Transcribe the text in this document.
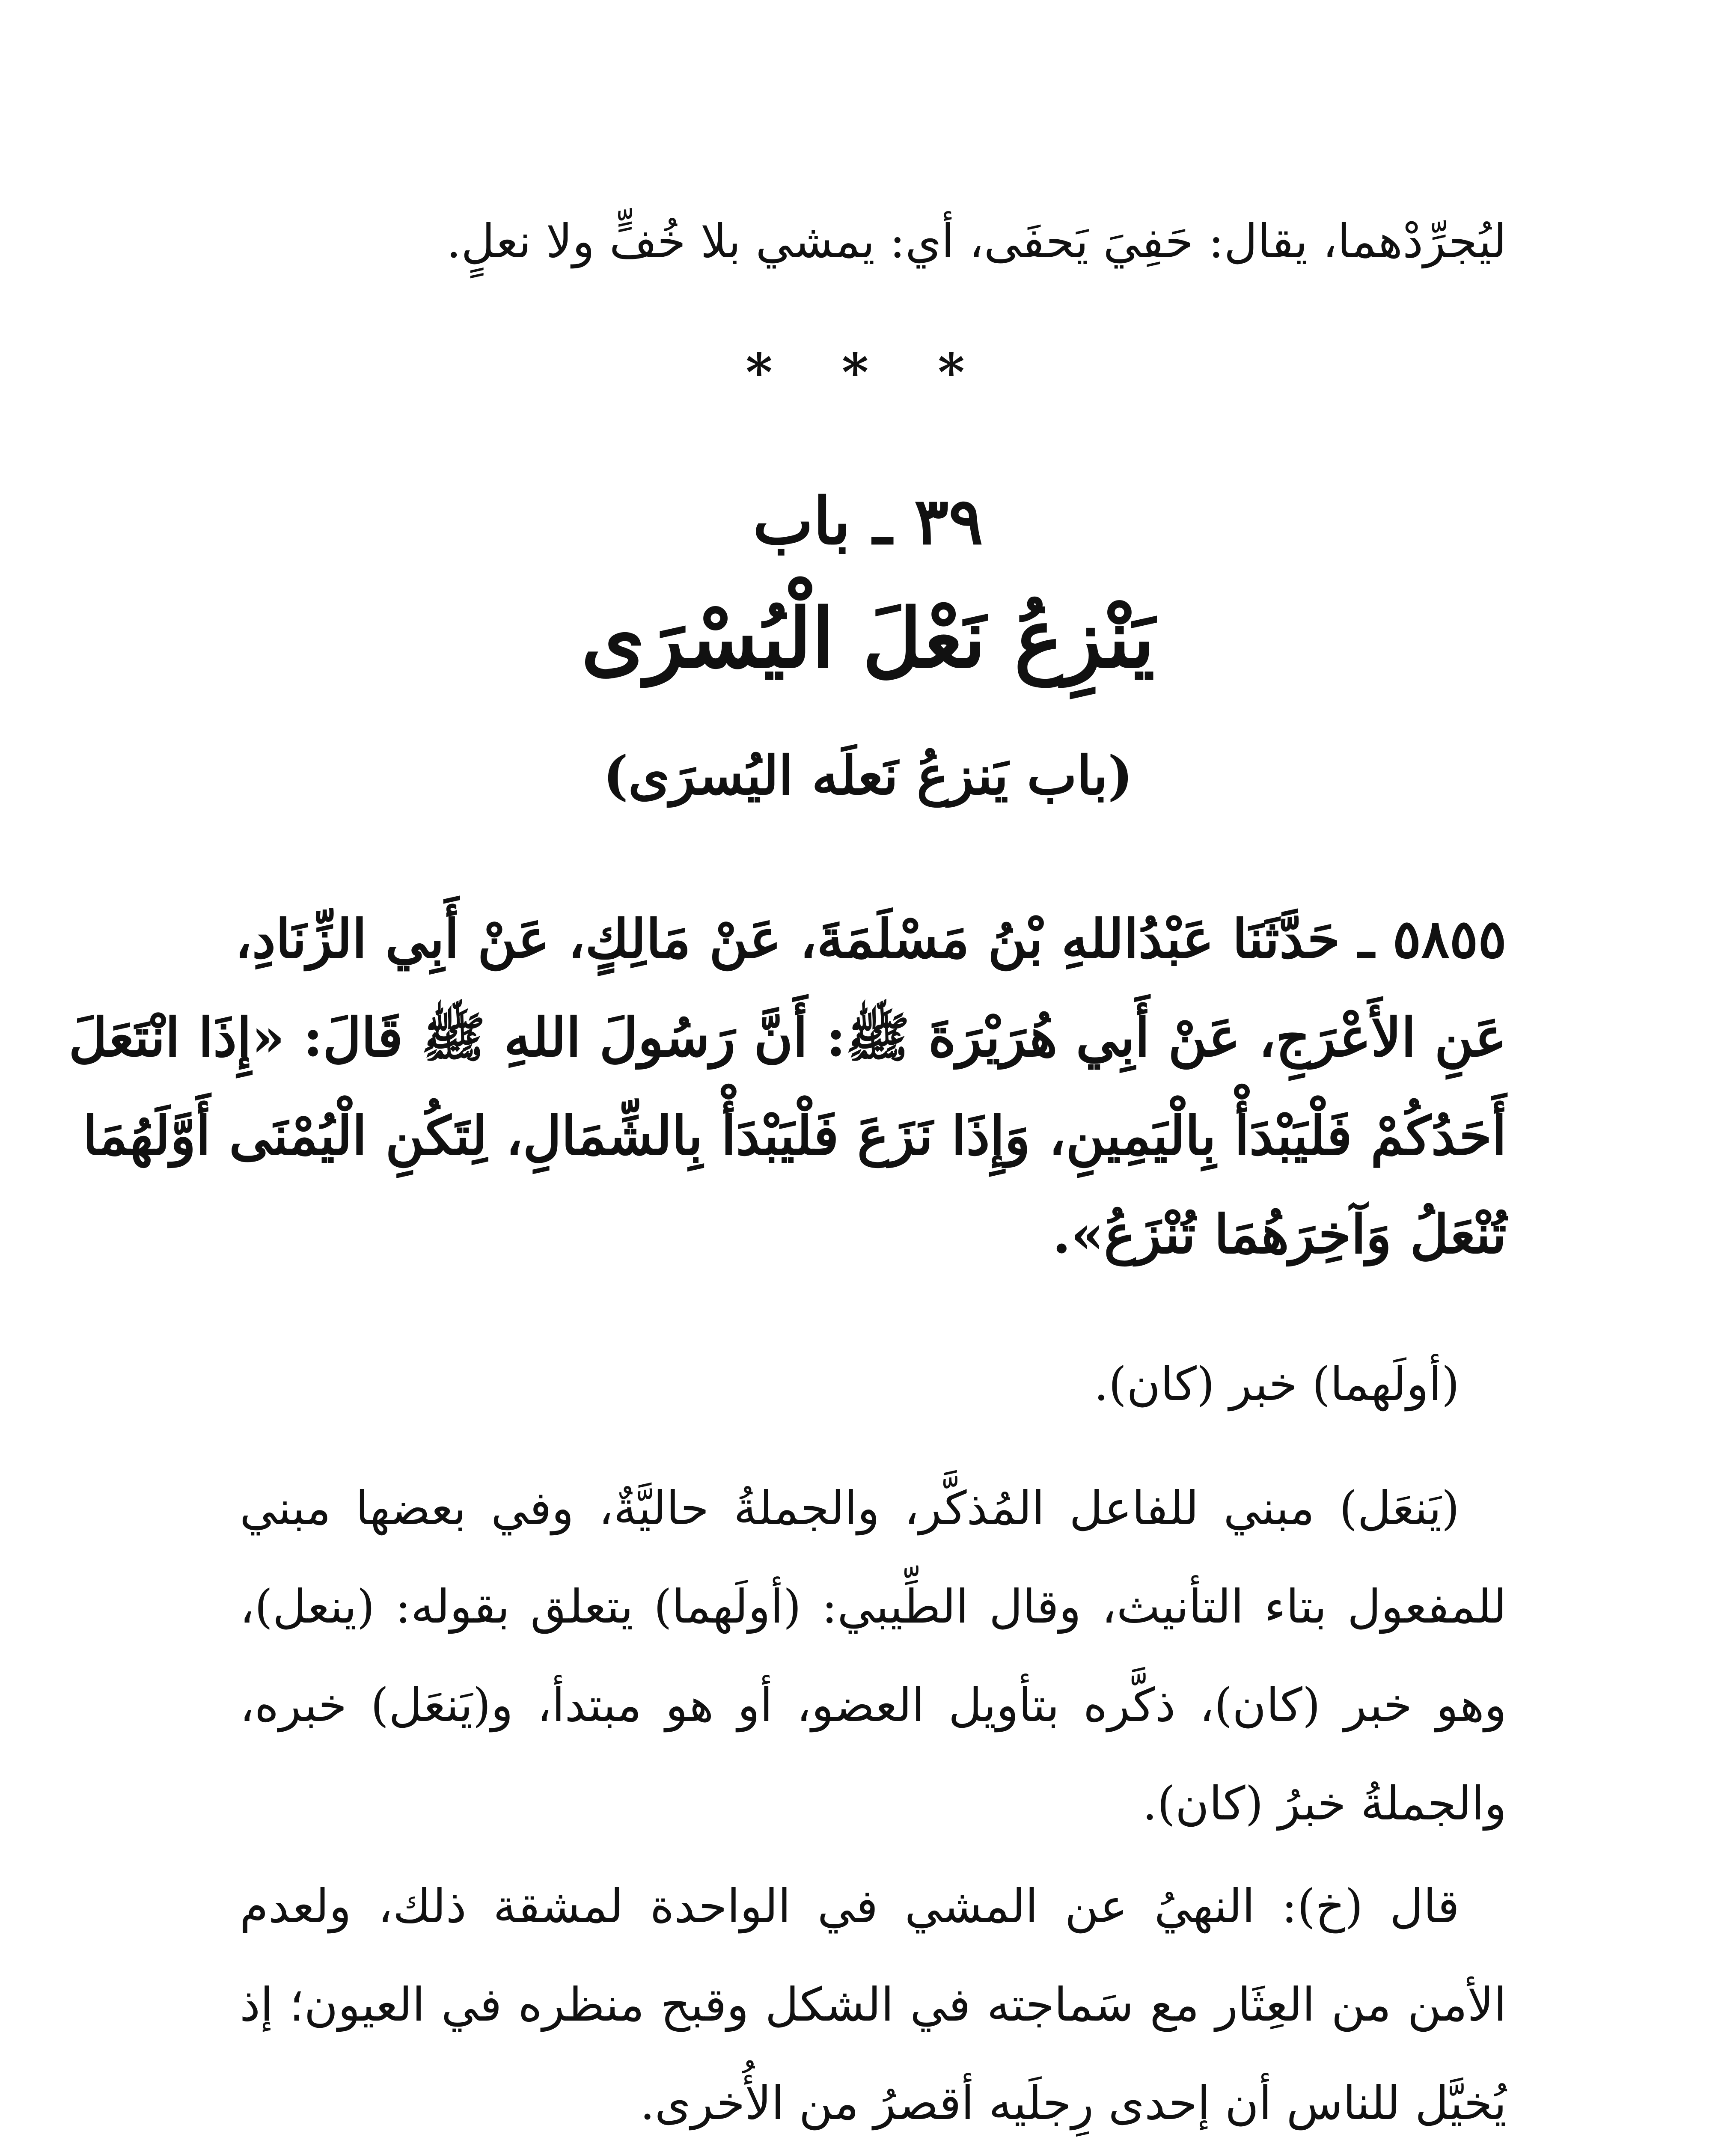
ليُجرِّدْهما، يقال: حَفِيَ يَحفَى، أي: يمشي بلا خُفٍّ ولا نعلٍ.
* * *
٣٩ ـ باب
يَنْزِعُ نَعْلَ الْيُسْرَى
(باب يَنزعُ نَعلَه اليُسرَى)
٥٨٥٥ ـ حَدَّثَنَا عَبْدُاللهِ بْنُ مَسْلَمَةَ، عَنْ مَالِكٍ، عَنْ أَبِي الزِّنَادِ،
عَنِ الأَعْرَجِ، عَنْ أَبِي هُرَيْرَةَ ﷺ: أَنَّ رَسُولَ اللهِ ﷺ قَالَ: «إِذَا انْتَعَلَ
أَحَدُكُمْ فَلْيَبْدَأْ بِالْيَمِينِ، وَإِذَا نَزَعَ فَلْيَبْدَأْ بِالشِّمَالِ، لِتَكُنِ الْيُمْنَى أَوَّلَهُمَا
تُنْعَلُ وَآخِرَهُمَا تُنْزَعُ».
(أولَهما) خبر (كان).
(يَنعَل) مبني للفاعل المُذكَّر، والجملةُ حاليَّةٌ، وفي بعضها مبني
للمفعول بتاء التأنيث، وقال الطِّيبي: (أولَهما) يتعلق بقوله: (ينعل)،
وهو خبر (كان)، ذكَّره بتأويل العضو، أو هو مبتدأ، و(يَنعَل) خبره،
والجملةُ خبرُ (كان).
قال (خ): النهيُ عن المشي في الواحدة لمشقة ذلك، ولعدم
الأمن من العِثَار مع سَماجته في الشكل وقبح منظره في العيون؛ إذ
يُخيَّل للناس أن إحدى رِجلَيه أقصرُ من الأُخرى.
